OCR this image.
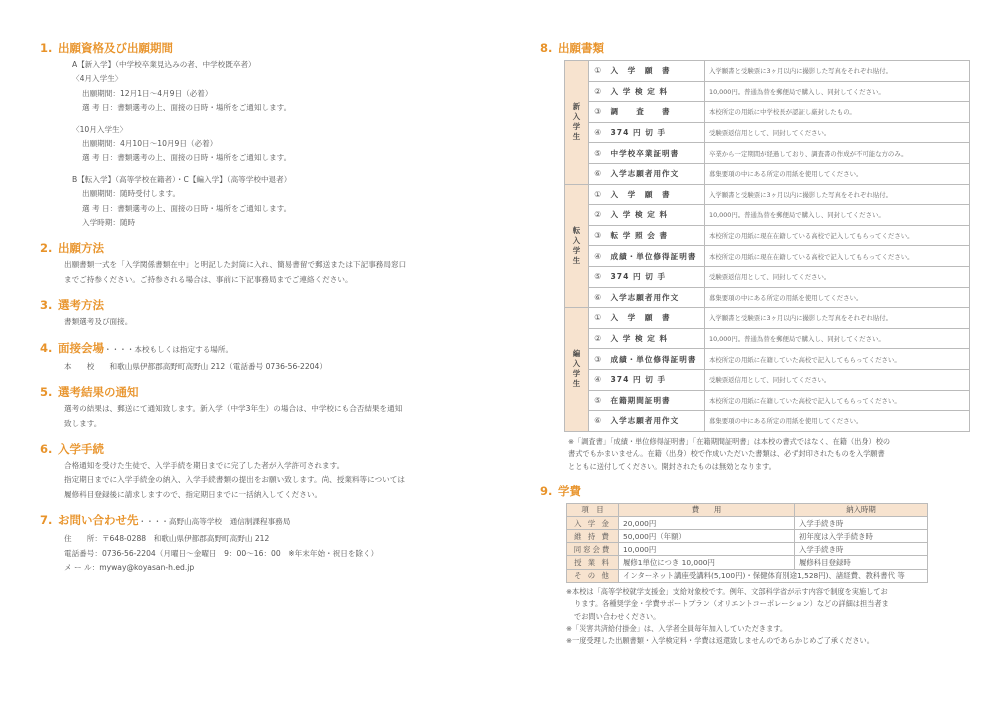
1. 出願資格及び出願期間
A【新入学】（中学校卒業見込みの者、中学校既卒者）
〈4月入学生〉
出願期間：12月1日～4月9日（必着）
選 考 日：書類選考の上、面接の日時・場所をご通知します。
〈10月入学生〉
出願期間：4月10日～10月9日（必着）
選 考 日：書類選考の上、面接の日時・場所をご通知します。
B【転入学】（高等学校在籍者）・C【編入学】（高等学校中退者）
出願期間：随時受付します。
選 考 日：書類選考の上、面接の日時・場所をご通知します。
入学時期：随時
2. 出願方法
出願書類一式を「入学関係書類在中」と明記した封筒に入れ、簡易書留で郵送または下記事務局窓口
までご持参ください。ご持参される場合は、事前に下記事務局までご連絡ください。
3. 選考方法
書類選考及び面接。
4. 面接会場・・・・本校もしくは指定する場所。
本　　校　　和歌山県伊都郡高野町高野山 212（電話番号 0736-56-2204）
5. 選考結果の通知
選考の結果は、郵送にて通知致します。新入学（中学3年生）の場合は、中学校にも合否結果を通知
致します。
6. 入学手続
合格通知を受けた生徒で、入学手続を期日までに完了した者が入学許可されます。
指定期日までに入学手続金の納入、入学手続書類の提出をお願い致します。尚、授業料等については
履修科目登録後に請求しますので、指定期日までに一括納入してください。
7. お問い合わせ先・・・・高野山高等学校　通信制課程事務局
住　　所：〒648-0288　和歌山県伊都郡高野町高野山 212
電話番号：0736-56-2204（月曜日～金曜日　9：00～16：00　※年末年始・祝日を除く）
メ ー ル：myway@koyasan-h.ed.jp
8. 出願書類
新
入
学
生	①	入　学　願　書	入学願書と受験票に3ヶ月以内に撮影した写真をそれぞれ貼付。
	②	入 学 検 定 料	10,000円。普通為替を郵便局で購入し、同封してください。
	③	調　　査　　書	本校所定の用紙に中学校長が認証し厳封したもの。
	④	374 円 切 手	受験票返信用として、同封してください。
	⑤	中学校卒業証明書	卒業から一定期間が経過しており、調査書の作成が不可能な方のみ。
	⑥	入学志願者用作文	募集要項の中にある所定の用紙を使用してください。
転
入
学
生	①	入　学　願　書	入学願書と受験票に3ヶ月以内に撮影した写真をそれぞれ貼付。
	②	入 学 検 定 料	10,000円。普通為替を郵便局で購入し、同封してください。
	③	転 学 照 会 書	本校所定の用紙に現在在籍している高校で記入してもらってください。
	④	成績・単位修得証明書	本校所定の用紙に現在在籍している高校で記入してもらってください。
	⑤	374 円 切 手	受験票返信用として、同封してください。
	⑥	入学志願者用作文	募集要項の中にある所定の用紙を使用してください。
編
入
学
生	①	入　学　願　書	入学願書と受験票に3ヶ月以内に撮影した写真をそれぞれ貼付。
	②	入 学 検 定 料	10,000円。普通為替を郵便局で購入し、同封してください。
	③	成績・単位修得証明書	本校所定の用紙に在籍していた高校で記入してもらってください。
	④	374 円 切 手	受験票返信用として、同封してください。
	⑤	在籍期間証明書	本校所定の用紙に在籍していた高校で記入してもらってください。
	⑥	入学志願者用作文	募集要項の中にある所定の用紙を使用してください。
※「調査書」「成績・単位修得証明書」「在籍期間証明書」は本校の書式ではなく、在籍（出身）校の
書式でもかまいません。在籍（出身）校で作成いただいた書類は、必ず封印されたものを入学願書
とともに送付してください。開封されたものは無効となります。
9. 学費
項　目	費　　用	納入時期
入 学 金	20,000円	入学手続き時
維 持 費	50,000円（年額）	初年度は入学手続き時
同窓会費	10,000円	入学手続き時
授 業 料	履修1単位につき 10,000円	履修科目登録時
そ の 他	インターネット講座受講料(5,100円)・保健体育別途1,528円)、諸経費、教科書代 等	
※本校は「高等学校就学支援金」支給対象校です。例年、文部科学省が示す内容で制度を実施してお
ります。各種奨学金・学費サポートプラン（オリエントコーポレーション）などの詳細は担当者ま
でお問い合わせください。
※「災害共済給付掛金」は、入学者全員毎年加入していただきます。
※一度受理した出願書類・入学検定料・学費は返還致しませんのであらかじめご了承ください。
